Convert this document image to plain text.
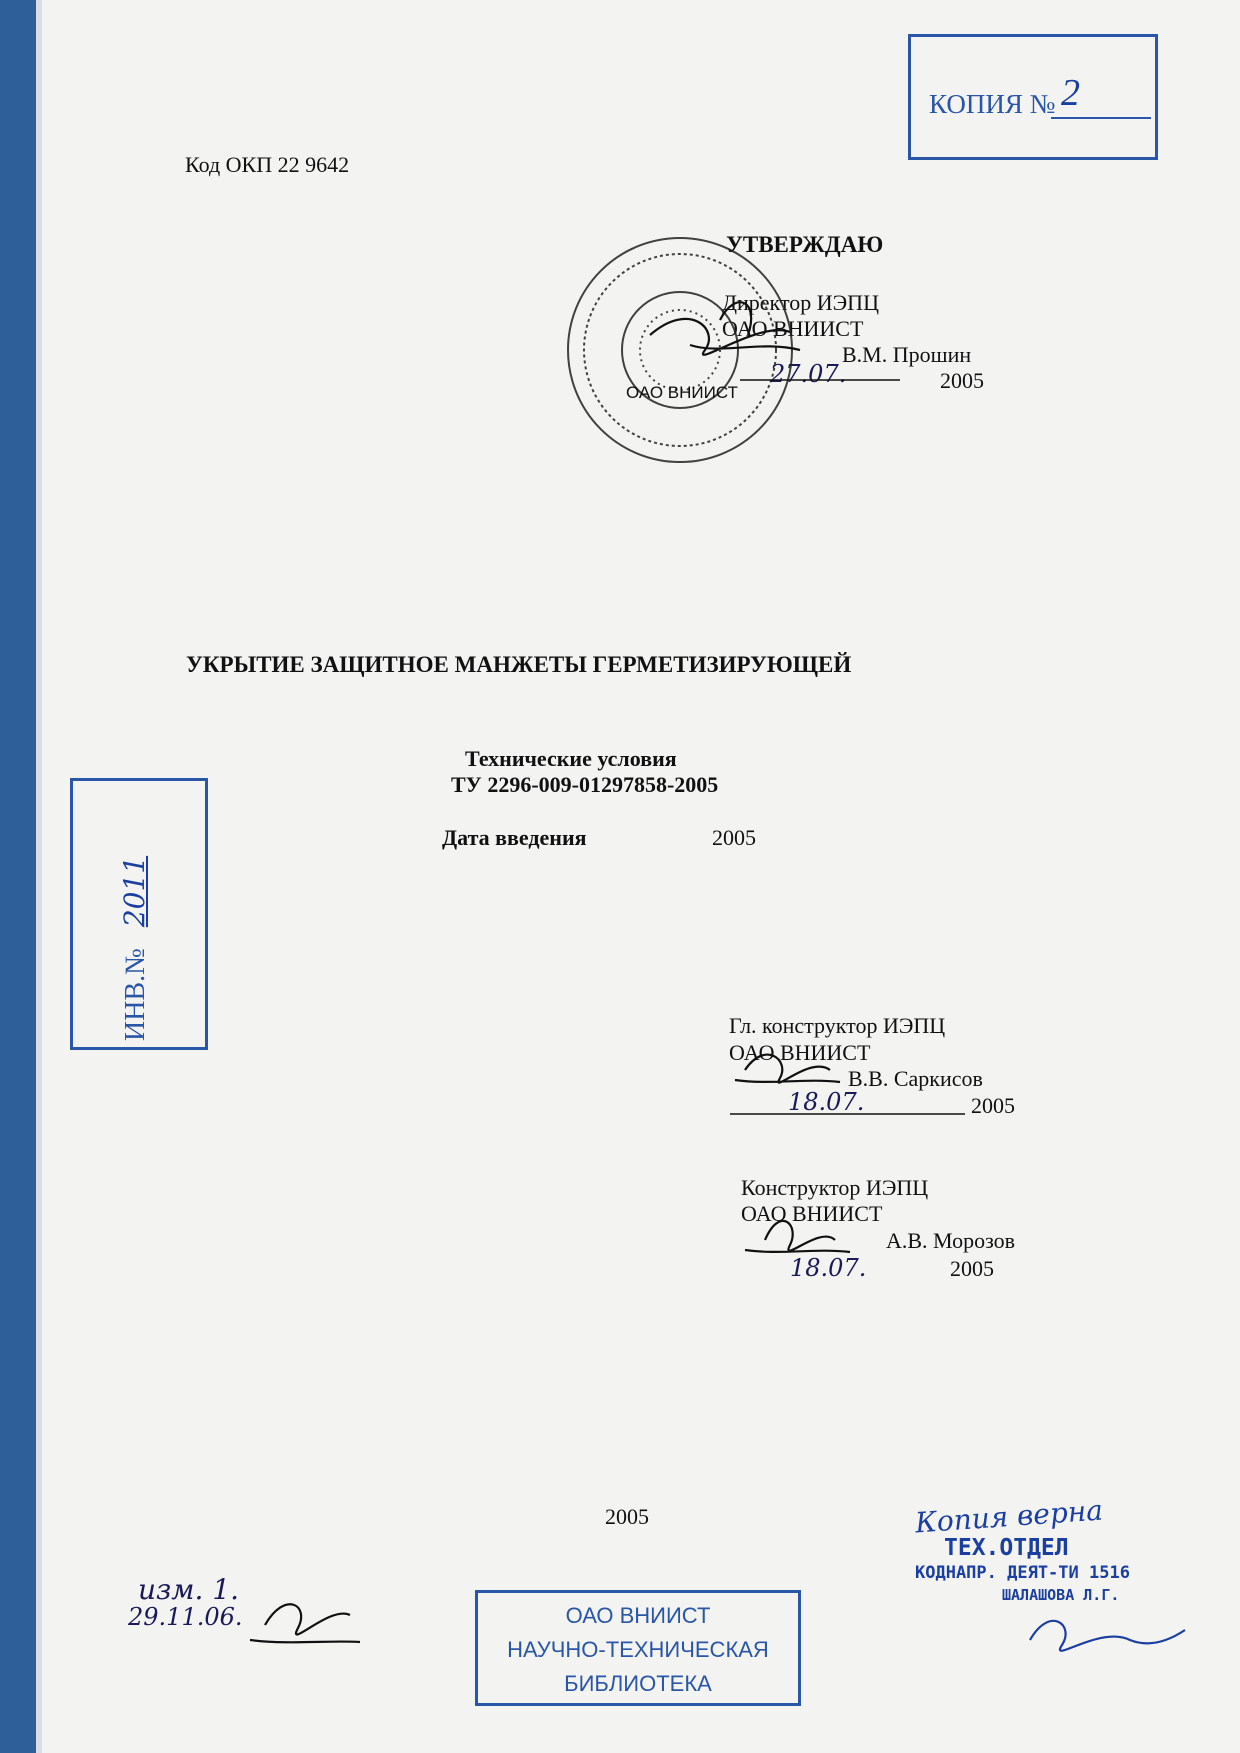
КОПИЯ № 2
Код ОКП 22 9642
УТВЕРЖДАЮ
Директор ИЭПЦ
ОАО ВНИИСТ
В.М. Прошин
2005
27.07.
УКРЫТИЕ ЗАЩИТНОЕ МАНЖЕТЫ ГЕРМЕТИЗИРУЮЩЕЙ
Технические условия
ТУ 2296-009-01297858-2005
Дата введения	2005
ИНВ.№ 2011
Гл. конструктор ИЭПЦ
ОАО ВНИИСТ
В.В. Саркисов
18.07.	2005
Конструктор ИЭПЦ
ОАО ВНИИСТ
А.В. Морозов
18.07.	2005
2005
изм. 1.
29.11.06.	ОАО ВНИИСТ
НАУЧНО-ТЕХНИЧЕСКАЯ
БИБЛИОТЕКА
Копия верна
ТЕХ.ОТДЕЛ
КОДНАПР. ДЕЯТ-ТИ 1516
ШАЛАШОВА Л.Г.
ОАО ВНИИСТ
